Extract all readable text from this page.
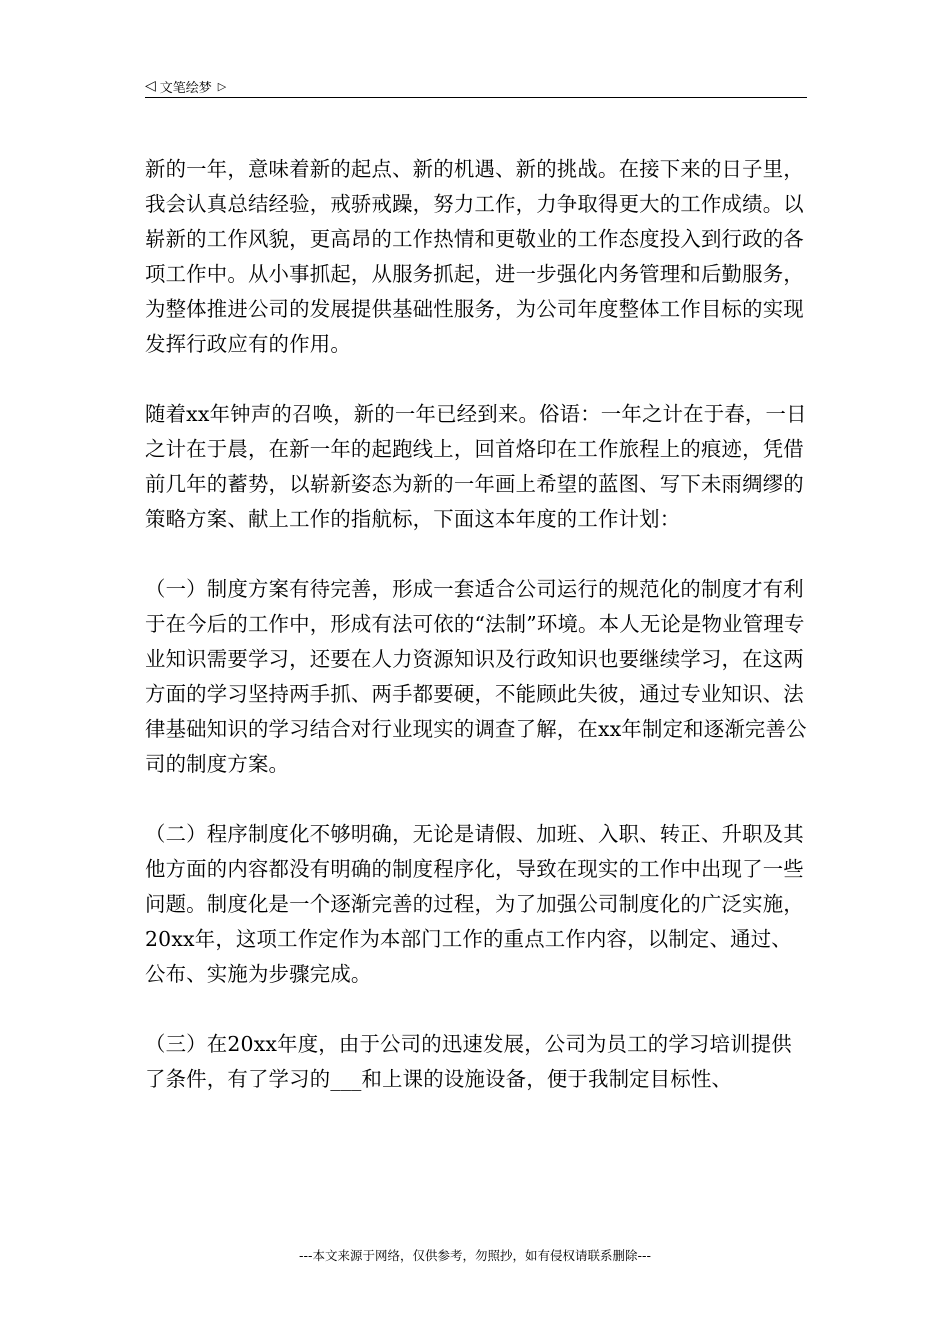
◁ 文笔绘梦 ▷

新的一年，意味着新的起点、新的机遇、新的挑战。在接下来的日子里，我会认真总结经验，戒骄戒躁，努力工作，力争取得更大的工作成绩。以崭新的工作风貌，更高昂的工作热情和更敬业的工作态度投入到行政的各项工作中。从小事抓起，从服务抓起，进一步强化内务管理和后勤服务，为整体推进公司的发展提供基础性服务，为公司年度整体工作目标的实现发挥行政应有的作用。

随着xx年钟声的召唤，新的一年已经到来。俗语：一年之计在于春，一日之计在于晨，在新一年的起跑线上，回首烙印在工作旅程上的痕迹，凭借前几年的蓄势，以崭新姿态为新的一年画上希望的蓝图、写下未雨绸缪的策略方案、献上工作的指航标，下面这本年度的工作计划：

（一）制度方案有待完善，形成一套适合公司运行的规范化的制度才有利于在今后的工作中，形成有法可依的“法制”环境。本人无论是物业管理专业知识需要学习，还要在人力资源知识及行政知识也要继续学习，在这两方面的学习坚持两手抓、两手都要硬，不能顾此失彼，通过专业知识、法律基础知识的学习结合对行业现实的调查了解，在xx年制定和逐渐完善公司的制度方案。

（二）程序制度化不够明确，无论是请假、加班、入职、转正、升职及其他方面的内容都没有明确的制度程序化，导致在现实的工作中出现了一些问题。制度化是一个逐渐完善的过程，为了加强公司制度化的广泛实施，20xx年，这项工作定作为本部门工作的重点工作内容，以制定、通过、公布、实施为步骤完成。

（三）在20xx年度，由于公司的迅速发展，公司为员工的学习培训提供了条件，有了学习的___和上课的设施设备，便于我制定目标性、

---本文来源于网络，仅供参考，勿照抄，如有侵权请联系删除---
